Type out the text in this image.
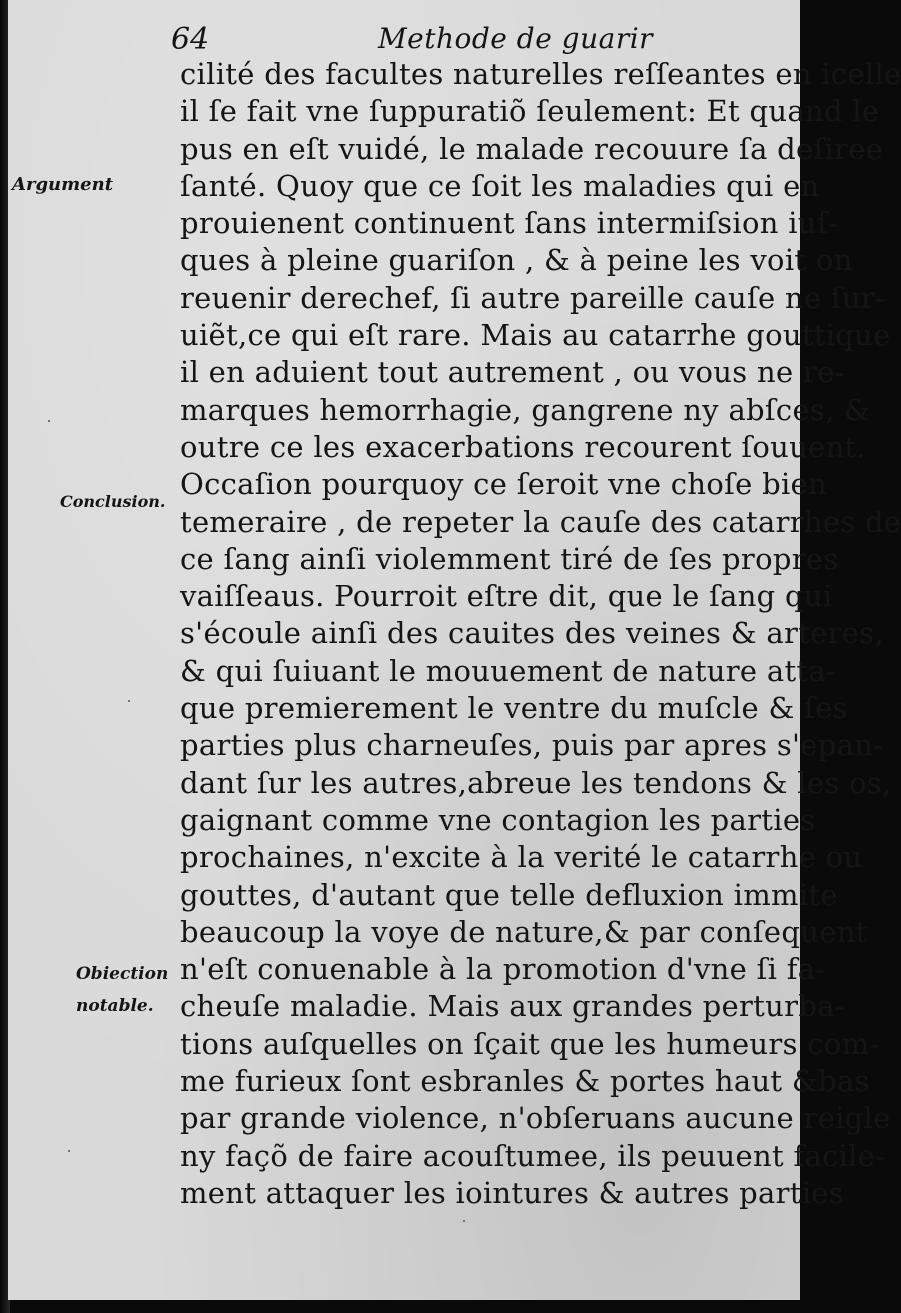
64	Methode de guarir
Argument
Conclusion.
Obiection
notable.
cilité des facultes naturelles reſſeantes en icelle
il ſe fait vne ſuppuratiõ ſeulement: Et quand le
pus en eſt vuidé, le malade recouure ſa deſiree
ſanté. Quoy que ce ſoit les maladies qui en
prouienent continuent ſans intermiſsion iuſ-
ques à pleine guariſon , & à peine les voit on
reuenir derechef, ſi autre pareille cauſe ne ſur-
uiẽt,ce qui eſt rare. Mais au catarrhe gouttique
il en aduient tout autrement , ou vous ne re-
marques hemorrhagie, gangrene ny abſces, &
outre ce les exacerbations recourent ſouuent.
Occaſion pourquoy ce ſeroit vne choſe bien
temeraire , de repeter la cauſe des catarrhes de
ce ſang ainſi violemment tiré de ſes propres
vaiſſeaus. Pourroit eſtre dit, que le ſang qui
s'écoule ainſi des cauites des veines & arteres,
& qui ſuiuant le mouuement de nature atta-
que premierement le ventre du muſcle & ſes
parties plus charneuſes, puis par apres s'epan-
dant ſur les autres,abreue les tendons & les os,
gaignant comme vne contagion les parties
prochaines, n'excite à la verité le catarrhe ou
gouttes, d'autant que telle defluxion immite
beaucoup la voye de nature,& par conſequent
n'eſt conuenable à la promotion d'vne ſi fa-
cheuſe maladie. Mais aux grandes perturba-
tions auſquelles on ſçait que les humeurs com-
me furieux ſont esbranles & portes haut &bas
par grande violence, n'obſeruans aucune reigle
ny façõ de faire acouſtumee, ils peuuent facile-
ment attaquer les iointures & autres parties
